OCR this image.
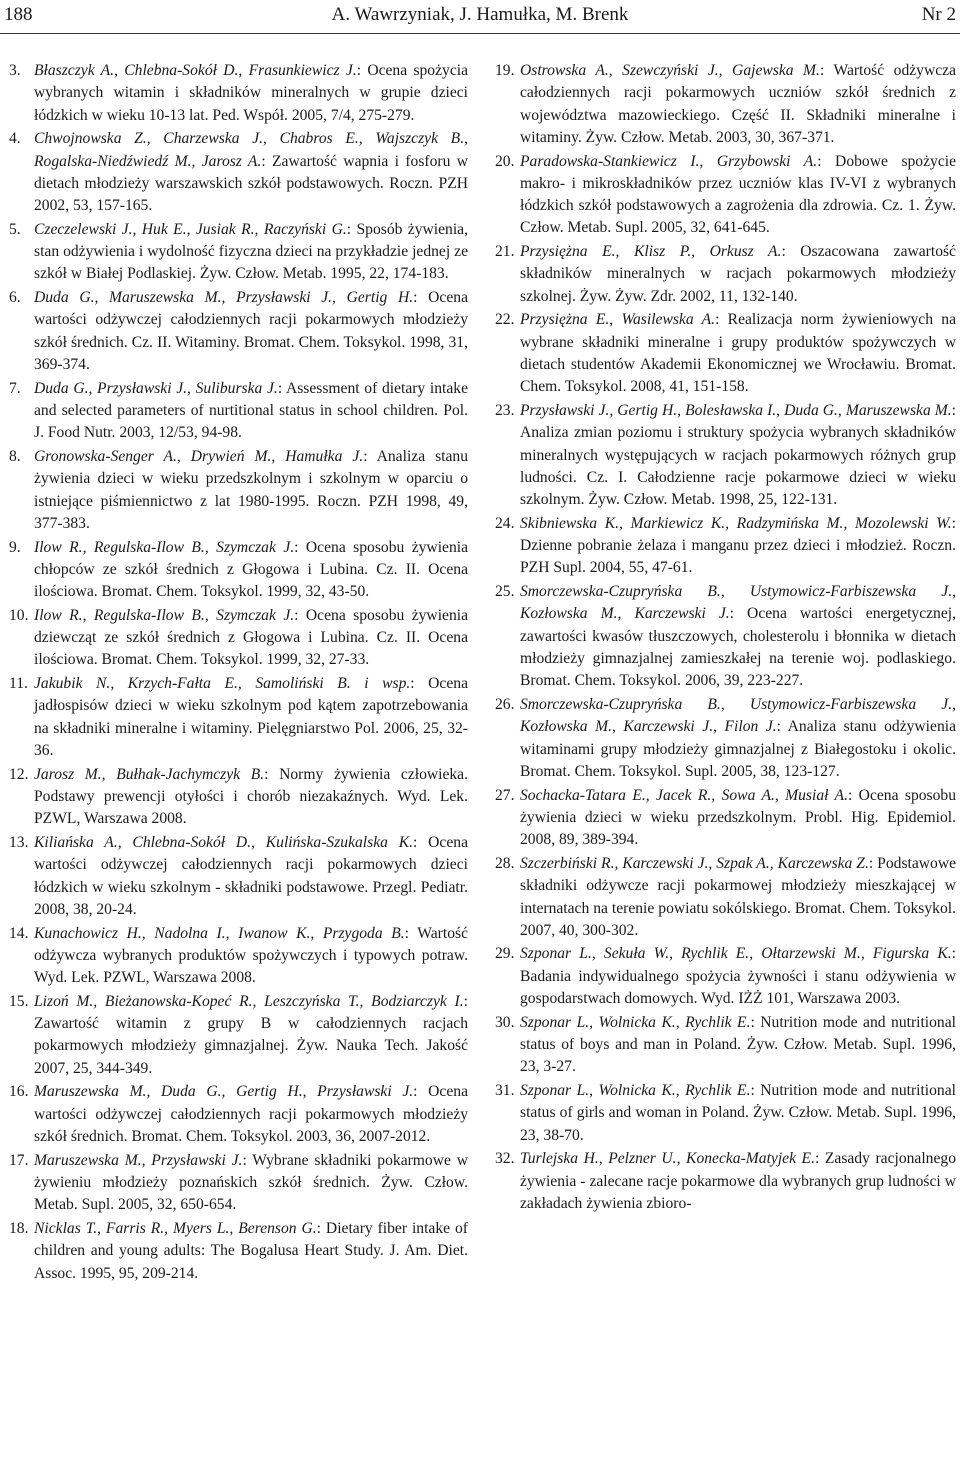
188	A. Wawrzyniak, J. Hamułka, M. Brenk	Nr 2

3. Błaszczyk A., Chlebna-Sokół D., Frasunkiewicz J.: Ocena spożycia wybranych witamin i składników mineralnych w grupie dzieci łódzkich w wieku 10-13 lat. Ped. Współ. 2005, 7/4, 275-279.

4. Chwojnowska Z., Charzewska J., Chabros E., Wajszczyk B., Rogalska-Niedźwiedź M., Jarosz A.: Zawartość wapnia i fosforu w dietach młodzieży warszawskich szkół podstawowych. Roczn. PZH 2002, 53, 157-165.

5. Czeczelewski J., Huk E., Jusiak R., Raczyński G.: Sposób żywienia, stan odżywienia i wydolność fizyczna dzieci na przykładzie jednej ze szkół w Białej Podlaskiej. Żyw. Człow. Metab. 1995, 22, 174-183.

6. Duda G., Maruszewska M., Przysławski J., Gertig H.: Ocena wartości odżywczej całodziennych racji pokarmowych młodzieży szkół średnich. Cz. II. Witaminy. Bromat. Chem. Toksykol. 1998, 31, 369-374.

7. Duda G., Przysławski J., Suliburska J.: Assessment of dietary intake and selected parameters of nurtitional status in school children. Pol. J. Food Nutr. 2003, 12/53, 94-98.

8. Gronowska-Senger A., Drywień M., Hamułka J.: Analiza stanu żywienia dzieci w wieku przedszkolnym i szkolnym w oparciu o istniejące piśmiennictwo z lat 1980-1995. Roczn. PZH 1998, 49, 377-383.

9. Ilow R., Regulska-Ilow B., Szymczak J.: Ocena sposobu żywienia chłopców ze szkół średnich z Głogowa i Lubina. Cz. II. Ocena ilościowa. Bromat. Chem. Toksykol. 1999, 32, 43-50.

10. Ilow R., Regulska-Ilow B., Szymczak J.: Ocena sposobu żywienia dziewcząt ze szkół średnich z Głogowa i Lubina. Cz. II. Ocena ilościowa. Bromat. Chem. Toksykol. 1999, 32, 27-33.

11. Jakubik N., Krzych-Fałta E., Samoliński B. i wsp.: Ocena jadłospisów dzieci w wieku szkolnym pod kątem zapotrzebowania na składniki mineralne i witaminy. Pielęgniarstwo Pol. 2006, 25, 32-36.

12. Jarosz M., Bułhak-Jachymczyk B.: Normy żywienia człowieka. Podstawy prewencji otyłości i chorób niezakaźnych. Wyd. Lek. PZWL, Warszawa 2008.

13. Kiliańska A., Chlebna-Sokół D., Kulińska-Szukalska K.: Ocena wartości odżywczej całodziennych racji pokarmowych dzieci łódzkich w wieku szkolnym - składniki podstawowe. Przegl. Pediatr. 2008, 38, 20-24.

14. Kunachowicz H., Nadolna I., Iwanow K., Przygoda B.: Wartość odżywcza wybranych produktów spożywczych i typowych potraw. Wyd. Lek. PZWL, Warszawa 2008.

15. Lizoń M., Bieżanowska-Kopeć R., Leszczyńska T., Bodziarczyk I.: Zawartość witamin z grupy B w całodziennych racjach pokarmowych młodzieży gimnazjalnej. Żyw. Nauka Tech. Jakość 2007, 25, 344-349.

16. Maruszewska M., Duda G., Gertig H., Przysławski J.: Ocena wartości odżywczej całodziennych racji pokarmowych młodzieży szkół średnich. Bromat. Chem. Toksykol. 2003, 36, 2007-2012.

17. Maruszewska M., Przysławski J.: Wybrane składniki pokarmowe w żywieniu młodzieży poznańskich szkół średnich. Żyw. Człow. Metab. Supl. 2005, 32, 650-654.

18. Nicklas T., Farris R., Myers L., Berenson G.: Dietary fiber intake of children and young adults: The Bogalusa Heart Study. J. Am. Diet. Assoc. 1995, 95, 209-214.

19. Ostrowska A., Szewczyński J., Gajewska M.: Wartość odżywcza całodziennych racji pokarmowych uczniów szkół średnich z województwa mazowieckiego. Część II. Składniki mineralne i witaminy. Żyw. Człow. Metab. 2003, 30, 367-371.

20. Paradowska-Stankiewicz I., Grzybowski A.: Dobowe spożycie makro- i mikroskładników przez uczniów klas IV-VI z wybranych łódzkich szkół podstawowych a zagrożenia dla zdrowia. Cz. 1. Żyw. Człow. Metab. Supl. 2005, 32, 641-645.

21. Przysiężna E., Klisz P., Orkusz A.: Oszacowana zawartość składników mineralnych w racjach pokarmowych młodzieży szkolnej. Żyw. Żyw. Zdr. 2002, 11, 132-140.

22. Przysiężna E., Wasilewska A.: Realizacja norm żywieniowych na wybrane składniki mineralne i grupy produktów spożywczych w dietach studentów Akademii Ekonomicznej we Wrocławiu. Bromat. Chem. Toksykol. 2008, 41, 151-158.

23. Przysławski J., Gertig H., Bolesławska I., Duda G., Maruszewska M.: Analiza zmian poziomu i struktury spożycia wybranych składników mineralnych występujących w racjach pokarmowych różnych grup ludności. Cz. I. Całodzienne racje pokarmowe dzieci w wieku szkolnym. Żyw. Człow. Metab. 1998, 25, 122-131.

24. Skibniewska K., Markiewicz K., Radzymińska M., Mozolewski W.: Dzienne pobranie żelaza i manganu przez dzieci i młodzież. Roczn. PZH Supl. 2004, 55, 47-61.

25. Smorczewska-Czupryńska B., Ustymowicz-Farbiszewska J., Kozłowska M., Karczewski J.: Ocena wartości energetycznej, zawartości kwasów tłuszczowych, cholesterolu i błonnika w dietach młodzieży gimnazjalnej zamieszkałej na terenie woj. podlaskiego. Bromat. Chem. Toksykol. 2006, 39, 223-227.

26. Smorczewska-Czupryńska B., Ustymowicz-Farbiszewska J., Kozłowska M., Karczewski J., Filon J.: Analiza stanu odżywienia witaminami grupy młodzieży gimnazjalnej z Białegostoku i okolic. Bromat. Chem. Toksykol. Supl. 2005, 38, 123-127.

27. Sochacka-Tatara E., Jacek R., Sowa A., Musiał A.: Ocena sposobu żywienia dzieci w wieku przedszkolnym. Probl. Hig. Epidemiol. 2008, 89, 389-394.

28. Szczerbiński R., Karczewski J., Szpak A., Karczewska Z.: Podstawowe składniki odżywcze racji pokarmowej młodzieży mieszkającej w internatach na terenie powiatu sokólskiego. Bromat. Chem. Toksykol. 2007, 40, 300-302.

29. Szponar L., Sekuła W., Rychlik E., Ołtarzewski M., Figurska K.: Badania indywidualnego spożycia żywności i stanu odżywienia w gospodarstwach domowych. Wyd. IŻŻ 101, Warszawa 2003.

30. Szponar L., Wolnicka K., Rychlik E.: Nutrition mode and nutritional status of boys and man in Poland. Żyw. Człow. Metab. Supl. 1996, 23, 3-27.

31. Szponar L., Wolnicka K., Rychlik E.: Nutrition mode and nutritional status of girls and woman in Poland. Żyw. Człow. Metab. Supl. 1996, 23, 38-70.

32. Turlejska H., Pelzner U., Konecka-Matyjek E.: Zasady racjonalnego żywienia - zalecane racje pokarmowe dla wybranych grup ludności w zakładach żywienia zbioro-
